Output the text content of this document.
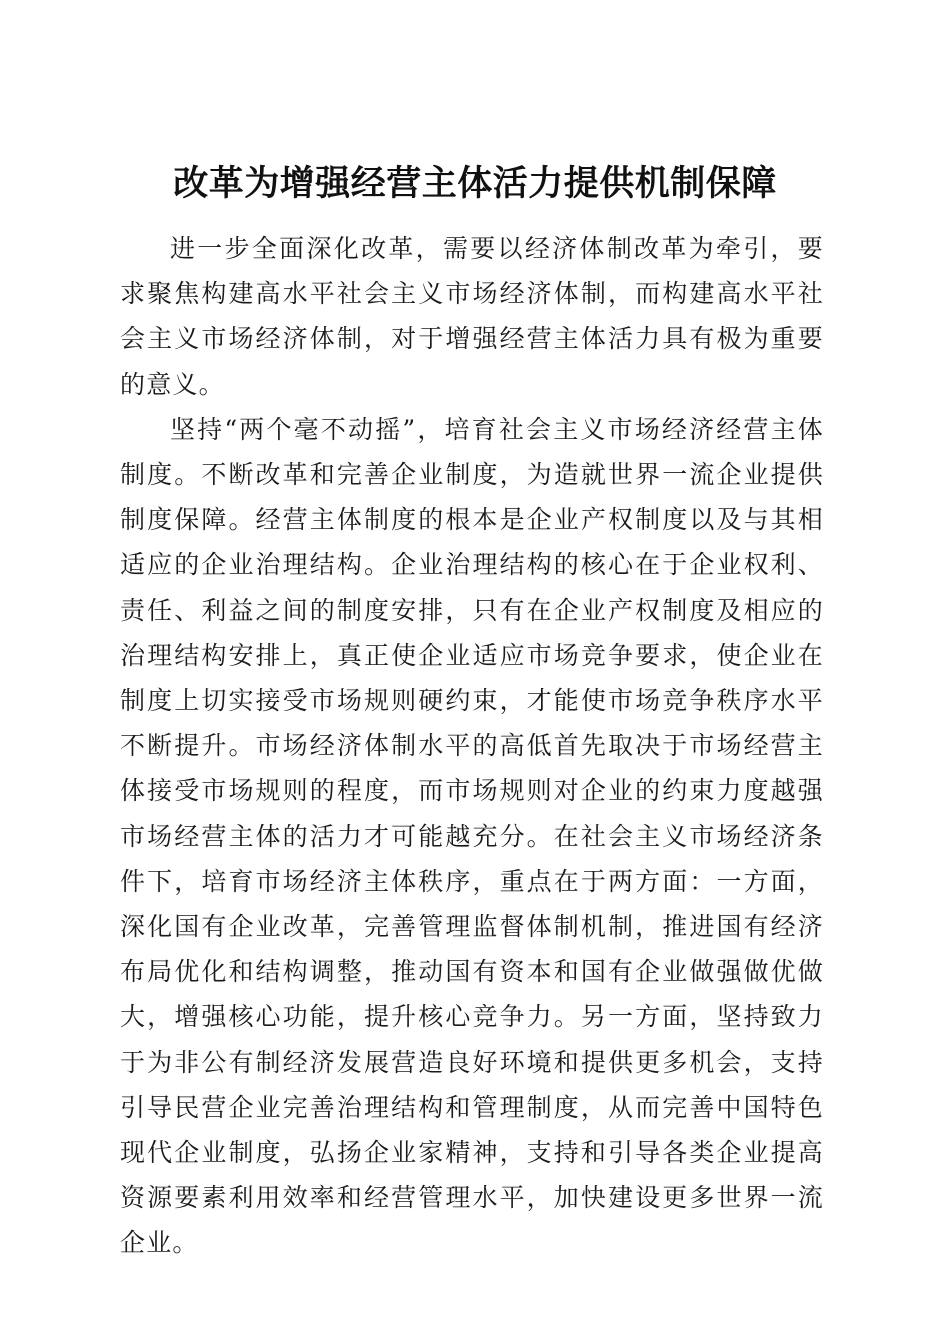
改革为增强经营主体活力提供机制保障

进一步全面深化改革，需要以经济体制改革为牵引，要求聚焦构建高水平社会主义市场经济体制，而构建高水平社会主义市场经济体制，对于增强经营主体活力具有极为重要的意义。

坚持“两个毫不动摇”，培育社会主义市场经济经营主体制度。不断改革和完善企业制度，为造就世界一流企业提供制度保障。经营主体制度的根本是企业产权制度以及与其相适应的企业治理结构。企业治理结构的核心在于企业权利、责任、利益之间的制度安排，只有在企业产权制度及相应的治理结构安排上，真正使企业适应市场竞争要求，使企业在制度上切实接受市场规则硬约束，才能使市场竞争秩序水平不断提升。市场经济体制水平的高低首先取决于市场经营主体接受市场规则的程度，而市场规则对企业的约束力度越强市场经营主体的活力才可能越充分。在社会主义市场经济条件下，培育市场经济主体秩序，重点在于两方面：一方面，深化国有企业改革，完善管理监督体制机制，推进国有经济布局优化和结构调整，推动国有资本和国有企业做强做优做大，增强核心功能，提升核心竞争力。另一方面，坚持致力于为非公有制经济发展营造良好环境和提供更多机会，支持引导民营企业完善治理结构和管理制度，从而完善中国特色现代企业制度，弘扬企业家精神，支持和引导各类企业提高资源要素利用效率和经营管理水平，加快建设更多世界一流企业。
